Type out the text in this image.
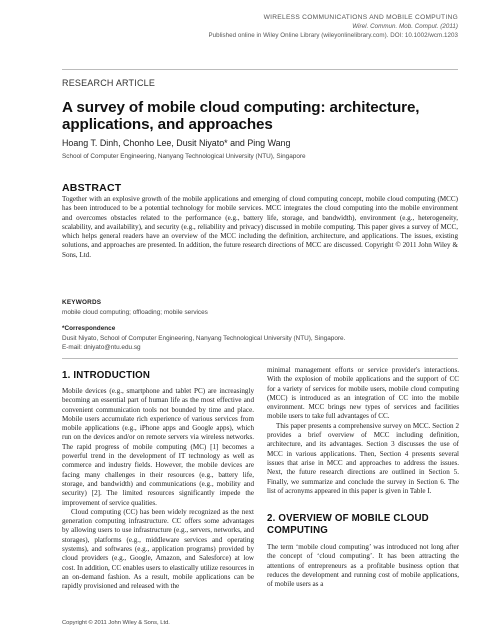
WIRELESS COMMUNICATIONS AND MOBILE COMPUTING
Wirel. Commun. Mob. Comput. (2011)
Published online in Wiley Online Library (wileyonlinelibrary.com). DOI: 10.1002/wcm.1203
RESEARCH ARTICLE
A survey of mobile cloud computing: architecture, applications, and approaches
Hoang T. Dinh, Chonho Lee, Dusit Niyato* and Ping Wang
School of Computer Engineering, Nanyang Technological University (NTU), Singapore
ABSTRACT
Together with an explosive growth of the mobile applications and emerging of cloud computing concept, mobile cloud computing (MCC) has been introduced to be a potential technology for mobile services. MCC integrates the cloud computing into the mobile environment and overcomes obstacles related to the performance (e.g., battery life, storage, and bandwidth), environment (e.g., heterogeneity, scalability, and availability), and security (e.g., reliability and privacy) discussed in mobile computing. This paper gives a survey of MCC, which helps general readers have an overview of the MCC including the definition, architecture, and applications. The issues, existing solutions, and approaches are presented. In addition, the future research directions of MCC are discussed. Copyright © 2011 John Wiley & Sons, Ltd.
KEYWORDS
mobile cloud computing; offloading; mobile services
*Correspondence
Dusit Niyato, School of Computer Engineering, Nanyang Technological University (NTU), Singapore.
E-mail: dniyato@ntu.edu.sg
1. INTRODUCTION

Mobile devices (e.g., smartphone and tablet PC) are increasingly becoming an essential part of human life as the most effective and convenient communication tools not bounded by time and place. Mobile users accumulate rich experience of various services from mobile applications (e.g., iPhone apps and Google apps), which run on the devices and/or on remote servers via wireless networks. The rapid progress of mobile computing (MC) [1] becomes a powerful trend in the development of IT technology as well as commerce and industry fields. However, the mobile devices are facing many challenges in their resources (e.g., battery life, storage, and bandwidth) and communications (e.g., mobility and security) [2]. The limited resources significantly impede the improvement of service qualities.

Cloud computing (CC) has been widely recognized as the next generation computing infrastructure. CC offers some advantages by allowing users to use infrastructure (e.g., servers, networks, and storages), platforms (e.g., middleware services and operating systems), and softwares (e.g., application programs) provided by cloud providers (e.g., Google, Amazon, and Salesforce) at low cost. In addition, CC enables users to elastically utilize resources in an on-demand fashion. As a result, mobile applications can be rapidly provisioned and released with the

minimal management efforts or service provider's interactions. With the explosion of mobile applications and the support of CC for a variety of services for mobile users, mobile cloud computing (MCC) is introduced as an integration of CC into the mobile environment. MCC brings new types of services and facilities mobile users to take full advantages of CC.

This paper presents a comprehensive survey on MCC. Section 2 provides a brief overview of MCC including definition, architecture, and its advantages. Section 3 discusses the use of MCC in various applications. Then, Section 4 presents several issues that arise in MCC and approaches to address the issues. Next, the future research directions are outlined in Section 5. Finally, we summarize and conclude the survey in Section 6. The list of acronyms appeared in this paper is given in Table I.

2. OVERVIEW OF MOBILE CLOUD COMPUTING

The term ‘mobile cloud computing’ was introduced not long after the concept of ‘cloud computing’. It has been attracting the attentions of entrepreneurs as a profitable business option that reduces the development and running cost of mobile applications, of mobile users as a

Copyright © 2011 John Wiley & Sons, Ltd.
